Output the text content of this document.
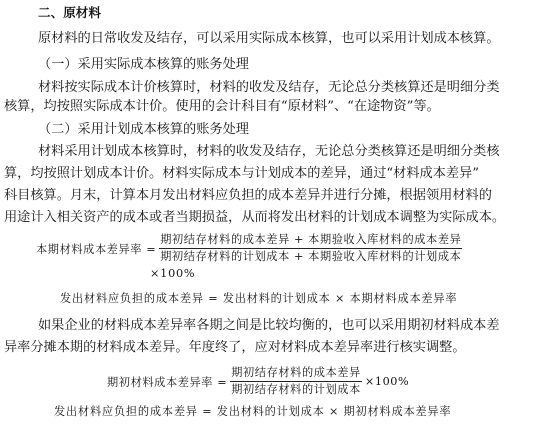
二、原材料
原材料的日常收发及结存，可以采用实际成本核算，也可以采用计划成本核算。
（一）采用实际成本核算的账务处理
材料按实际成本计价核算时，材料的收发及结存，无论总分类核算还是明细分类
核算，均按照实际成本计价。使用的会计科目有“原材料”、“在途物资”等。
（二）采用计划成本核算的账务处理
材料采用计划成本核算时，材料的收发及结存，无论总分类核算还是明细分类核
算，均按照计划成本计价。材料实际成本与计划成本的差异，通过“材料成本差异”
科目核算。月末，计算本月发出材料应负担的成本差异并进行分摊，根据领用材料的
用途计入相关资产的成本或者当期损益，从而将发出材料的计划成本调整为实际成本。
本期材料成本差异率 = $\frac{\text{期初结存材料的成本差异 + 本期验收入库材料的成本差异}}{\text{期初结存材料的计划成本 + 本期验收入库材料的计划成本}}$
×100%
发出材料应负担的成本差异 = 发出材料的计划成本 × 本期材料成本差异率
如果企业的材料成本差异率各期之间是比较均衡的，也可以采用期初材料成本差
异率分摊本期的材料成本差异。年度终了，应对材料成本差异率进行核实调整。
期初材料成本差异率 = $\frac{\text{期初结存材料的成本差异}}{\text{期初结存材料的计划成本}} \times 100\%$
发出材料应负担的成本差异 = 发出材料的计划成本 × 期初材料成本差异率
